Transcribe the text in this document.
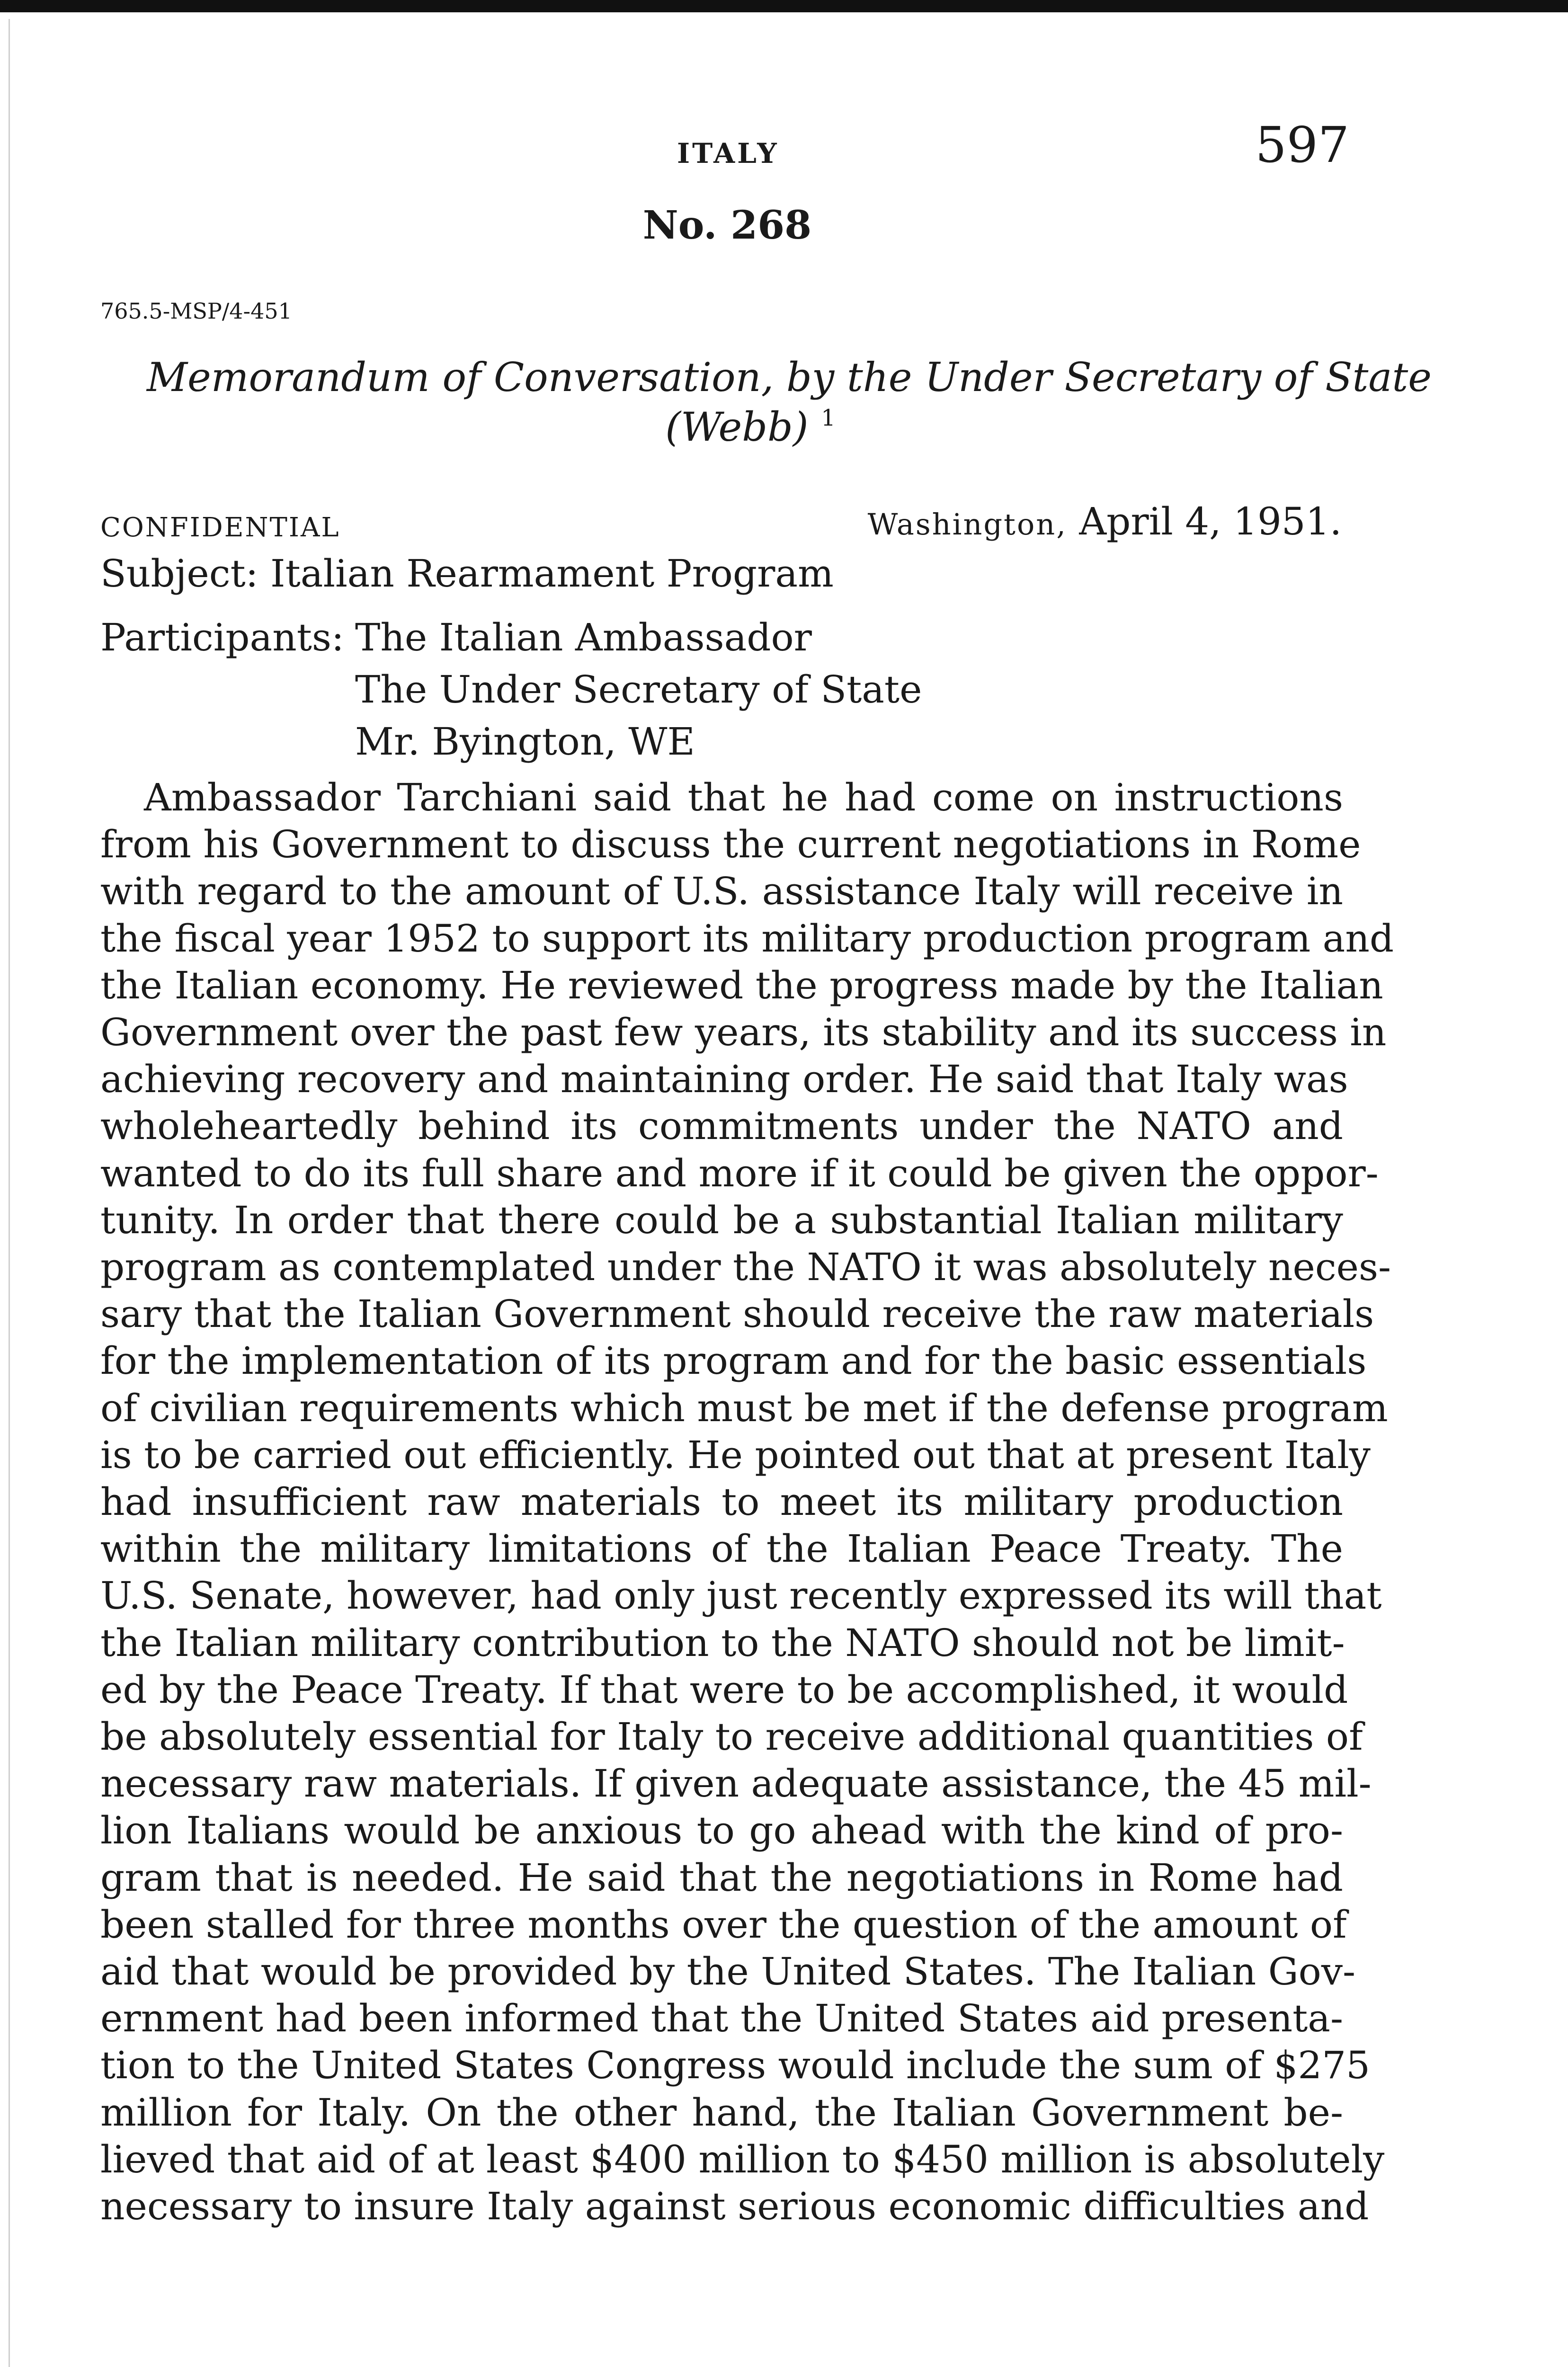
ITALY	597
No. 268
765.5-MSP/4-451
Memorandum of Conversation, by the Under Secretary of State
(Webb) $^1$
CONFIDENTIAL	Washington, April 4, 1951.
Subject: Italian Rearmament Program
Participants: The Italian Ambassador
The Under Secretary of State
Mr. Byington, WE
Ambassador Tarchiani said that he had come on instructions
from his Government to discuss the current negotiations in Rome
with regard to the amount of U.S. assistance Italy will receive in
the fiscal year 1952 to support its military production program and
the Italian economy. He reviewed the progress made by the Italian
Government over the past few years, its stability and its success in
achieving recovery and maintaining order. He said that Italy was
wholeheartedly behind its commitments under the NATO and
wanted to do its full share and more if it could be given the oppor-
tunity. In order that there could be a substantial Italian military
program as contemplated under the NATO it was absolutely neces-
sary that the Italian Government should receive the raw materials
for the implementation of its program and for the basic essentials
of civilian requirements which must be met if the defense program
is to be carried out efficiently. He pointed out that at present Italy
had insufficient raw materials to meet its military production
within the military limitations of the Italian Peace Treaty. The
U.S. Senate, however, had only just recently expressed its will that
the Italian military contribution to the NATO should not be limit-
ed by the Peace Treaty. If that were to be accomplished, it would
be absolutely essential for Italy to receive additional quantities of
necessary raw materials. If given adequate assistance, the 45 mil-
lion Italians would be anxious to go ahead with the kind of pro-
gram that is needed. He said that the negotiations in Rome had
been stalled for three months over the question of the amount of
aid that would be provided by the United States. The Italian Gov-
ernment had been informed that the United States aid presenta-
tion to the United States Congress would include the sum of $275
million for Italy. On the other hand, the Italian Government be-
lieved that aid of at least $400 million to $450 million is absolutely
necessary to insure Italy against serious economic difficulties and
